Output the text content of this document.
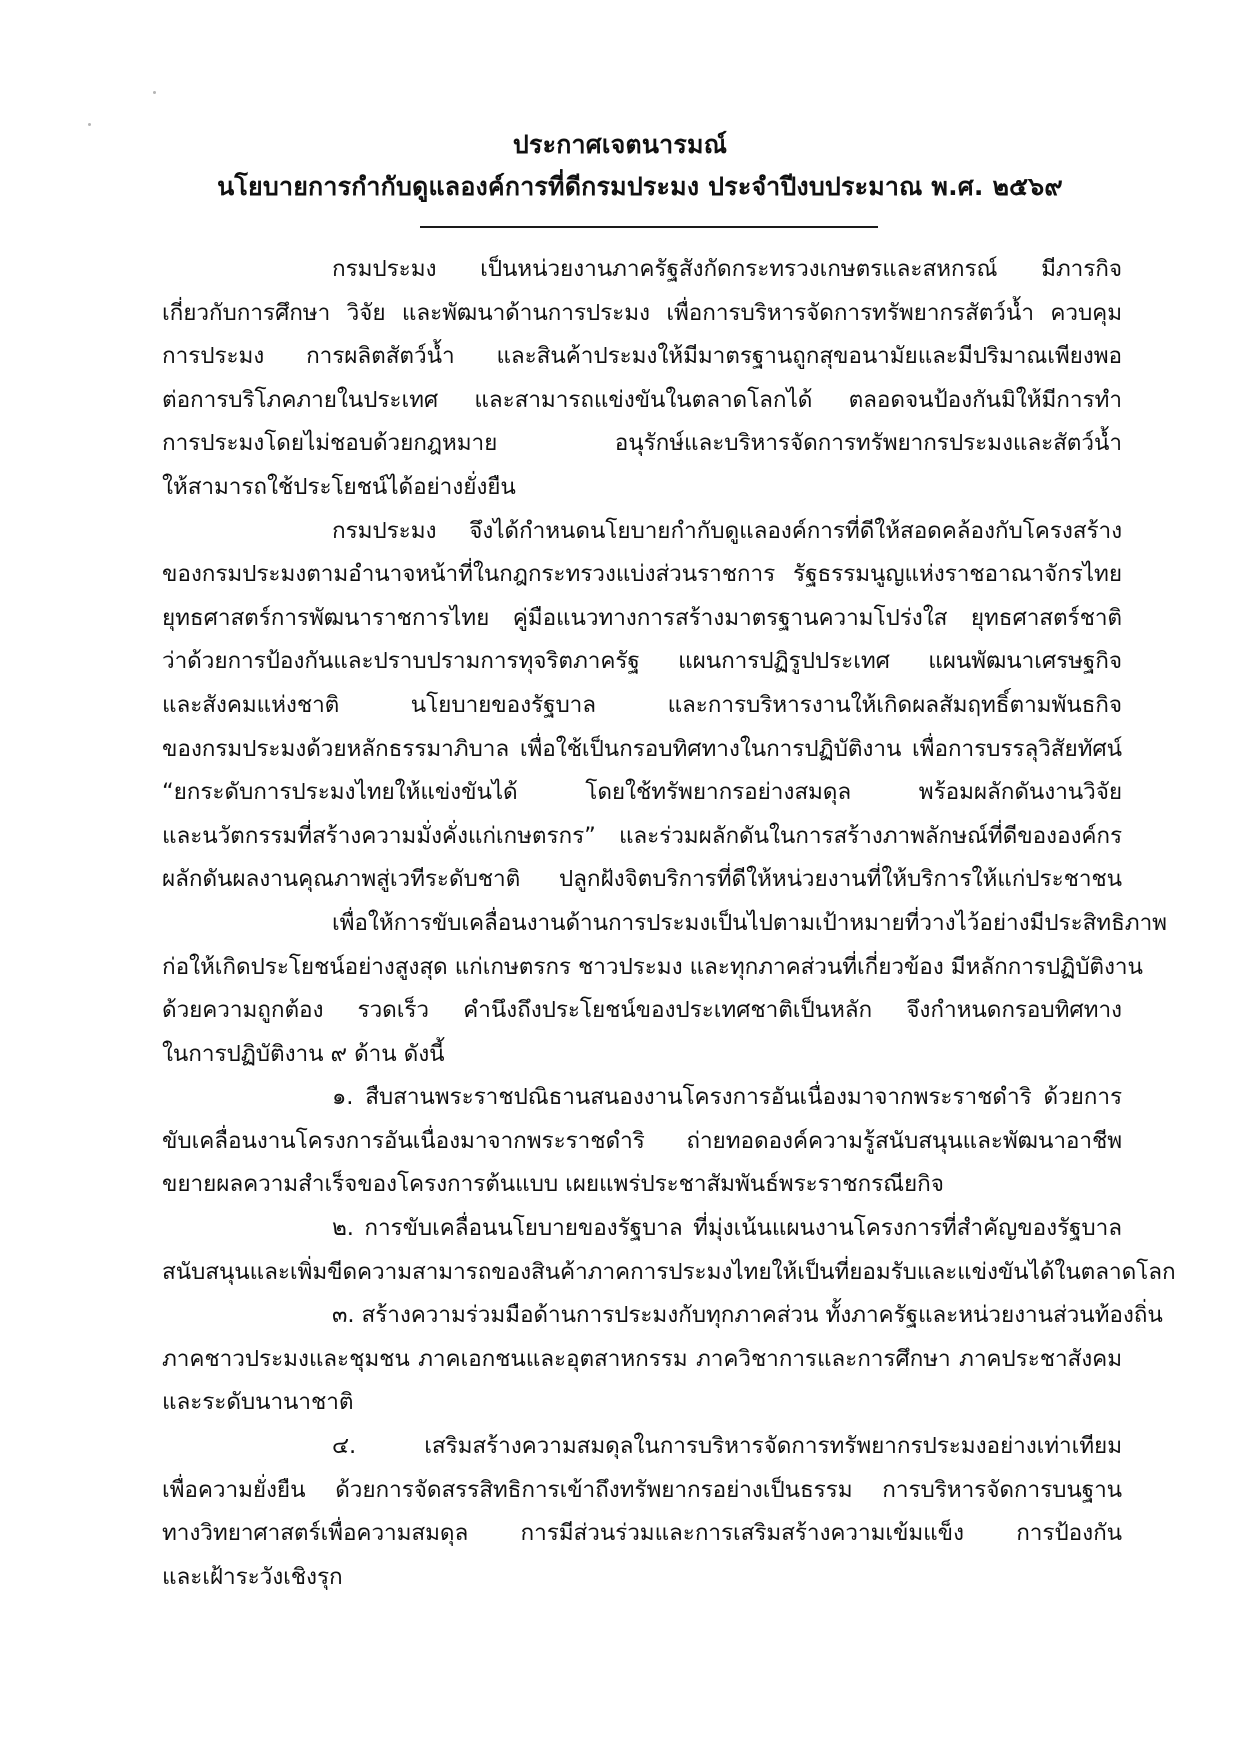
ประกาศเจตนารมณ์
นโยบายการกำกับดูแลองค์การที่ดีกรมประมง ประจำปีงบประมาณ พ.ศ. ๒๕๖๙
กรมประมง เป็นหน่วยงานภาครัฐสังกัดกระทรวงเกษตรและสหกรณ์ มีภารกิจ
เกี่ยวกับการศึกษา วิจัย และพัฒนาด้านการประมง เพื่อการบริหารจัดการทรัพยากรสัตว์น้ำ ควบคุม
การประมง การผลิตสัตว์น้ำ และสินค้าประมงให้มีมาตรฐานถูกสุขอนามัยและมีปริมาณเพียงพอ
ต่อการบริโภคภายในประเทศ และสามารถแข่งขันในตลาดโลกได้ ตลอดจนป้องกันมิให้มีการทำ
การประมงโดยไม่ชอบด้วยกฎหมาย อนุรักษ์และบริหารจัดการทรัพยากรประมงและสัตว์น้ำ
ให้สามารถใช้ประโยชน์ได้อย่างยั่งยืน
กรมประมง จึงได้กำหนดนโยบายกำกับดูแลองค์การที่ดีให้สอดคล้องกับโครงสร้าง
ของกรมประมงตามอำนาจหน้าที่ในกฎกระทรวงแบ่งส่วนราชการ รัฐธรรมนูญแห่งราชอาณาจักรไทย
ยุทธศาสตร์การพัฒนาราชการไทย คู่มือแนวทางการสร้างมาตรฐานความโปร่งใส ยุทธศาสตร์ชาติ
ว่าด้วยการป้องกันและปราบปรามการทุจริตภาครัฐ แผนการปฏิรูปประเทศ แผนพัฒนาเศรษฐกิจ
และสังคมแห่งชาติ นโยบายของรัฐบาล และการบริหารงานให้เกิดผลสัมฤทธิ์ตามพันธกิจ
ของกรมประมงด้วยหลักธรรมาภิบาล เพื่อใช้เป็นกรอบทิศทางในการปฏิบัติงาน เพื่อการบรรลุวิสัยทัศน์
“ยกระดับการประมงไทยให้แข่งขันได้ โดยใช้ทรัพยากรอย่างสมดุล พร้อมผลักดันงานวิจัย
และนวัตกรรมที่สร้างความมั่งคั่งแก่เกษตรกร” และร่วมผลักดันในการสร้างภาพลักษณ์ที่ดีขององค์กร
ผลักดันผลงานคุณภาพสู่เวทีระดับชาติ ปลูกฝังจิตบริการที่ดีให้หน่วยงานที่ให้บริการให้แก่ประชาชน
เพื่อให้การขับเคลื่อนงานด้านการประมงเป็นไปตามเป้าหมายที่วางไว้อย่างมีประสิทธิภาพ
ก่อให้เกิดประโยชน์อย่างสูงสุด แก่เกษตรกร ชาวประมง และทุกภาคส่วนที่เกี่ยวข้อง มีหลักการปฏิบัติงาน
ด้วยความถูกต้อง รวดเร็ว คำนึงถึงประโยชน์ของประเทศชาติเป็นหลัก จึงกำหนดกรอบทิศทาง
ในการปฏิบัติงาน ๙ ด้าน ดังนี้
๑. สืบสานพระราชปณิธานสนองงานโครงการอันเนื่องมาจากพระราชดำริ ด้วยการ
ขับเคลื่อนงานโครงการอันเนื่องมาจากพระราชดำริ ถ่ายทอดองค์ความรู้สนับสนุนและพัฒนาอาชีพ
ขยายผลความสำเร็จของโครงการต้นแบบ เผยแพร่ประชาสัมพันธ์พระราชกรณียกิจ
๒. การขับเคลื่อนนโยบายของรัฐบาล ที่มุ่งเน้นแผนงานโครงการที่สำคัญของรัฐบาล
สนับสนุนและเพิ่มขีดความสามารถของสินค้าภาคการประมงไทยให้เป็นที่ยอมรับและแข่งขันได้ในตลาดโลก
๓. สร้างความร่วมมือด้านการประมงกับทุกภาคส่วน ทั้งภาครัฐและหน่วยงานส่วนท้องถิ่น
ภาคชาวประมงและชุมชน ภาคเอกชนและอุตสาหกรรม ภาควิชาการและการศึกษา ภาคประชาสังคม
และระดับนานาชาติ
๔. เสริมสร้างความสมดุลในการบริหารจัดการทรัพยากรประมงอย่างเท่าเทียม
เพื่อความยั่งยืน ด้วยการจัดสรรสิทธิการเข้าถึงทรัพยากรอย่างเป็นธรรม การบริหารจัดการบนฐาน
ทางวิทยาศาสตร์เพื่อความสมดุล การมีส่วนร่วมและการเสริมสร้างความเข้มแข็ง การป้องกัน
และเฝ้าระวังเชิงรุก
